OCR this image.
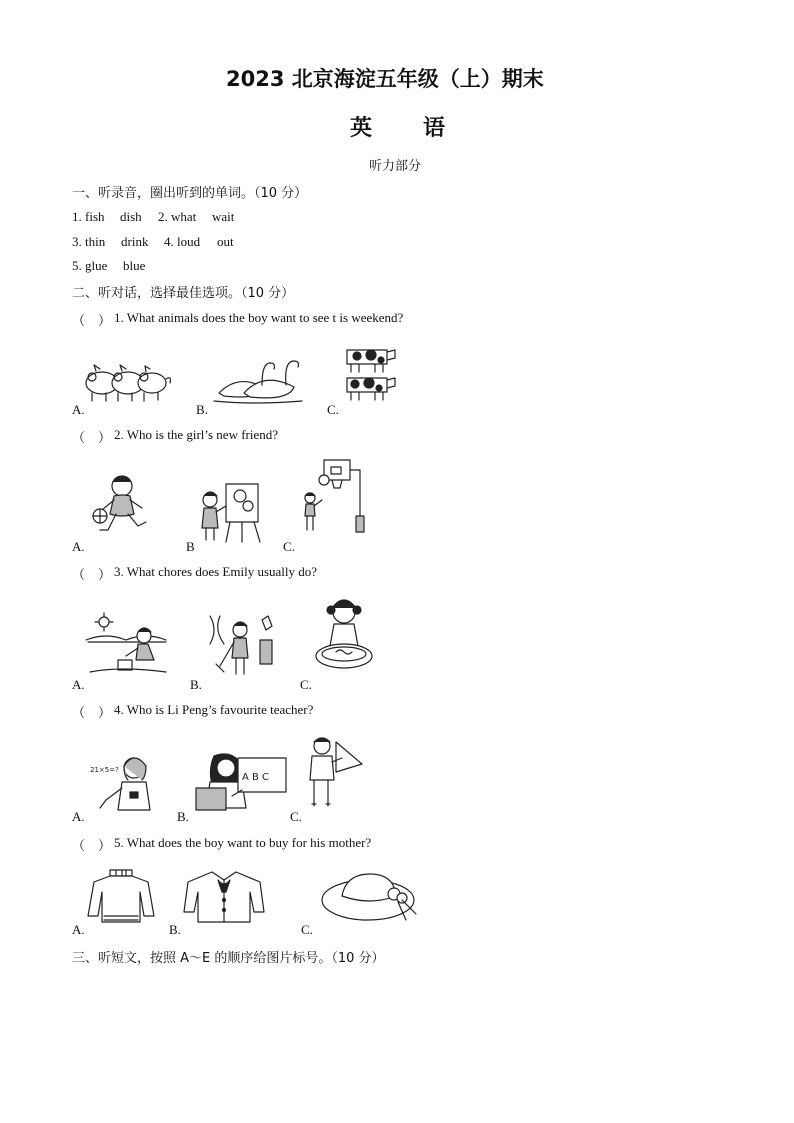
2023 北京海淀五年级（上）期末
英 语
听力部分
一、听录音，圈出听到的单词。（10 分）
1. fish dish 2. what wait
3. thin drink 4. loud out
5. glue blue
二、听对话，选择最佳选项。（10 分）
（　） 1. What animals does the boy want to see t is weekend?
A.	B.	C.
（　） 2. Who is the girl’s new friend?
A.	B	C.
（　） 3. What chores does Emily usually do?
A.	B.	C.
（　） 4. Who is Li Peng’s favourite teacher?
21×5=?
A B C
A.	B.	C.
（　） 5. What does the boy want to buy for his mother?
A.	B.	C.
三、听短文，按照 A～E 的顺序给图片标号。（10 分）
